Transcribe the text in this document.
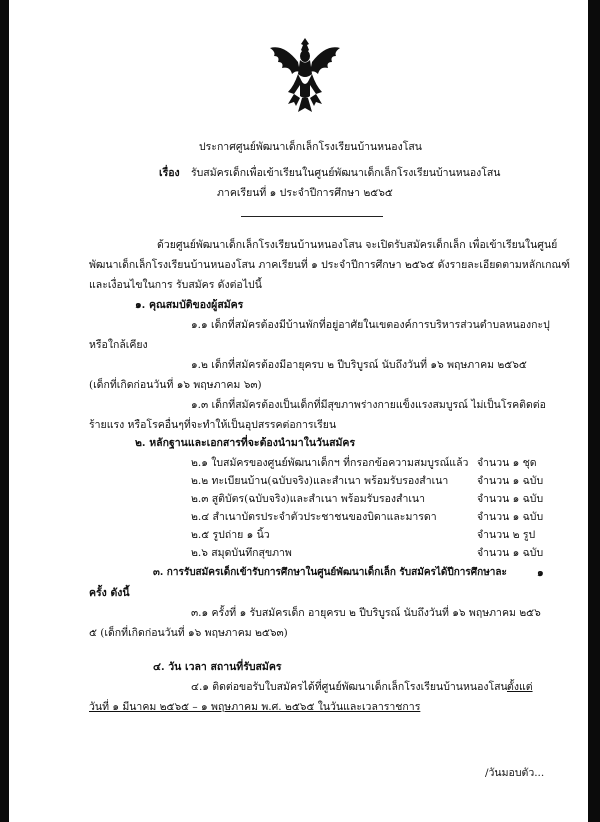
ประกาศศูนย์พัฒนาเด็กเล็กโรงเรียนบ้านหนองโสน
เรื่อง รับสมัครเด็กเพื่อเข้าเรียนในศูนย์พัฒนาเด็กเล็กโรงเรียนบ้านหนองโสน
ภาคเรียนที่ ๑ ประจำปีการศึกษา ๒๕๖๕
ด้วยศูนย์พัฒนาเด็กเล็กโรงเรียนบ้านหนองโสน จะเปิดรับสมัครเด็กเล็ก เพื่อเข้าเรียนในศูนย์
พัฒนาเด็กเล็กโรงเรียนบ้านหนองโสน ภาคเรียนที่ ๑ ประจำปีการศึกษา ๒๕๖๕ ดังรายละเอียดตามหลักเกณฑ์
และเงื่อนไขในการ รับสมัคร ดังต่อไปนี้
๑. คุณสมบัติของผู้สมัคร
๑.๑ เด็กที่สมัครต้องมีบ้านพักที่อยู่อาศัยในเขตองค์การบริหารส่วนตำบลหนองกะปุ
หรือใกล้เคียง
๑.๒ เด็กที่สมัครต้องมีอายุครบ ๒ ปีบริบูรณ์ นับถึงวันที่ ๑๖ พฤษภาคม ๒๕๖๕
(เด็กที่เกิดก่อนวันที่ ๑๖ พฤษภาคม ๖๓)
๑.๓ เด็กที่สมัครต้องเป็นเด็กที่มีสุขภาพร่างกายแข็งแรงสมบูรณ์ ไม่เป็นโรคติดต่อ
ร้ายแรง หรือโรคอื่นๆที่จะทำให้เป็นอุปสรรคต่อการเรียน
๒. หลักฐานและเอกสารที่จะต้องนำมาในวันสมัคร
๒.๑ ใบสมัครของศูนย์พัฒนาเด็กฯ ที่กรอกข้อความสมบูรณ์แล้ว จำนวน ๑ ชุด
๒.๒ ทะเบียนบ้าน(ฉบับจริง)และสำเนา พร้อมรับรองสำเนา	จำนวน ๑ ฉบับ
๒.๓ สูติบัตร(ฉบับจริง)และสำเนา พร้อมรับรองสำเนา	จำนวน ๑ ฉบับ
๒.๔ สำเนาบัตรประจำตัวประชาชนของบิดาและมารดา	จำนวน ๑ ฉบับ
๒.๕ รูปถ่าย ๑ นิ้ว	จำนวน ๒ รูป
๒.๖ สมุดบันทึกสุขภาพ	จำนวน ๑ ฉบับ
๓. การรับสมัครเด็กเข้ารับการศึกษาในศูนย์พัฒนาเด็กเล็ก รับสมัครได้ปีการศึกษาละ	๑
ครั้ง ดังนี้
๓.๑ ครั้งที่ ๑ รับสมัครเด็ก อายุครบ ๒ ปีบริบูรณ์ นับถึงวันที่ ๑๖ พฤษภาคม ๒๕๖
๕ (เด็กที่เกิดก่อนวันที่ ๑๖ พฤษภาคม ๒๕๖๓)
๔. วัน เวลา สถานที่รับสมัคร
๔.๑ ติดต่อขอรับใบสมัครได้ที่ศูนย์พัฒนาเด็กเล็กโรงเรียนบ้านหนองโสน ตั้งแต่
วันที่ ๑ มีนาคม ๒๕๖๕ – ๑ พฤษภาคม พ.ศ. ๒๕๖๕ ในวันและเวลาราชการ
/วันมอบตัว...
